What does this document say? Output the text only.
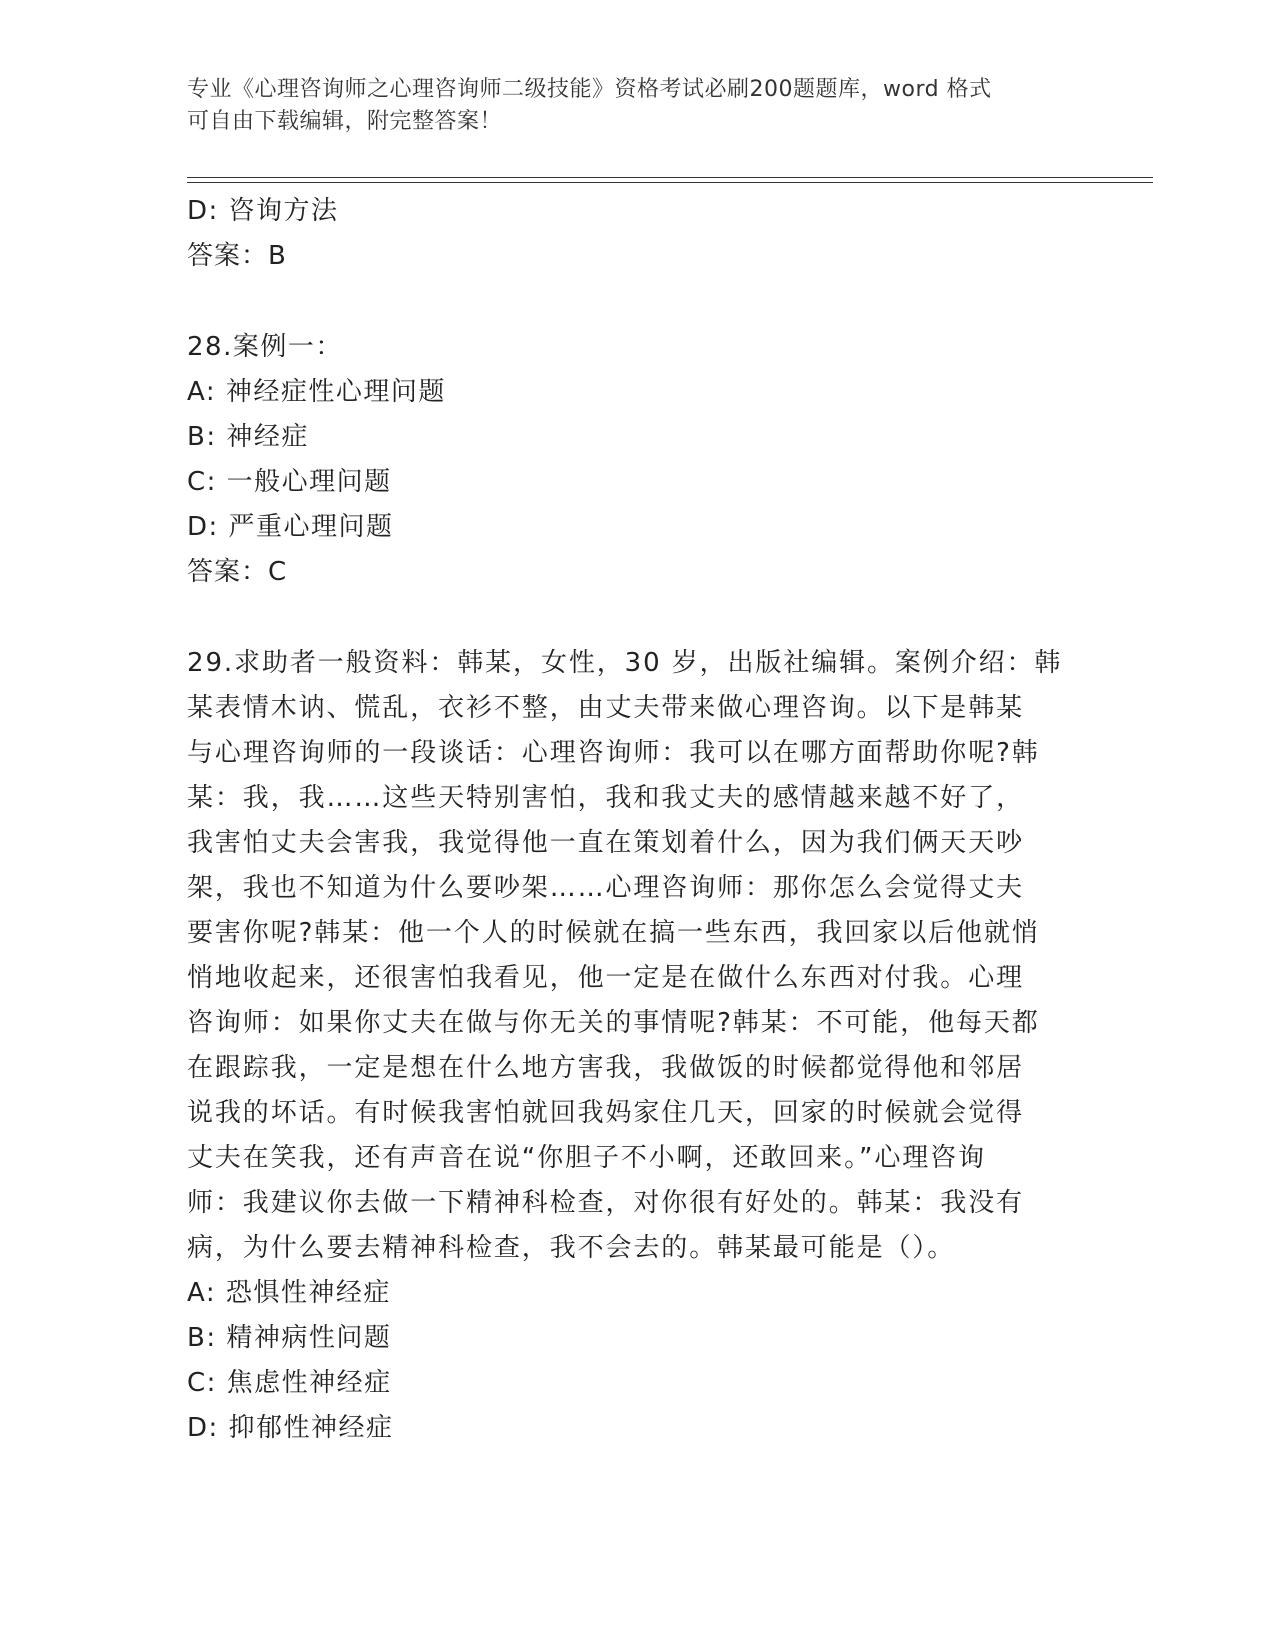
专业《心理咨询师之心理咨询师二级技能》资格考试必刷200题题库，word 格式
可自由下载编辑，附完整答案！
D: 咨询方法
答案：B
28.案例一：
A: 神经症性心理问题
B: 神经症
C: 一般心理问题
D: 严重心理问题
答案：C
29.求助者一般资料：韩某，女性，30 岁，出版社编辑。案例介绍：韩
某表情木讷、慌乱，衣衫不整，由丈夫带来做心理咨询。以下是韩某
与心理咨询师的一段谈话：心理咨询师：我可以在哪方面帮助你呢?韩
某：我，我……这些天特别害怕，我和我丈夫的感情越来越不好了，
我害怕丈夫会害我，我觉得他一直在策划着什么，因为我们俩天天吵
架，我也不知道为什么要吵架……心理咨询师：那你怎么会觉得丈夫
要害你呢?韩某：他一个人的时候就在搞一些东西，我回家以后他就悄
悄地收起来，还很害怕我看见，他一定是在做什么东西对付我。心理
咨询师：如果你丈夫在做与你无关的事情呢?韩某：不可能，他每天都
在跟踪我，一定是想在什么地方害我，我做饭的时候都觉得他和邻居
说我的坏话。有时候我害怕就回我妈家住几天，回家的时候就会觉得
丈夫在笑我，还有声音在说“你胆子不小啊，还敢回来。”心理咨询
师：我建议你去做一下精神科检查，对你很有好处的。韩某：我没有
病，为什么要去精神科检查，我不会去的。韩某最可能是（）。
A: 恐惧性神经症
B: 精神病性问题
C: 焦虑性神经症
D: 抑郁性神经症
